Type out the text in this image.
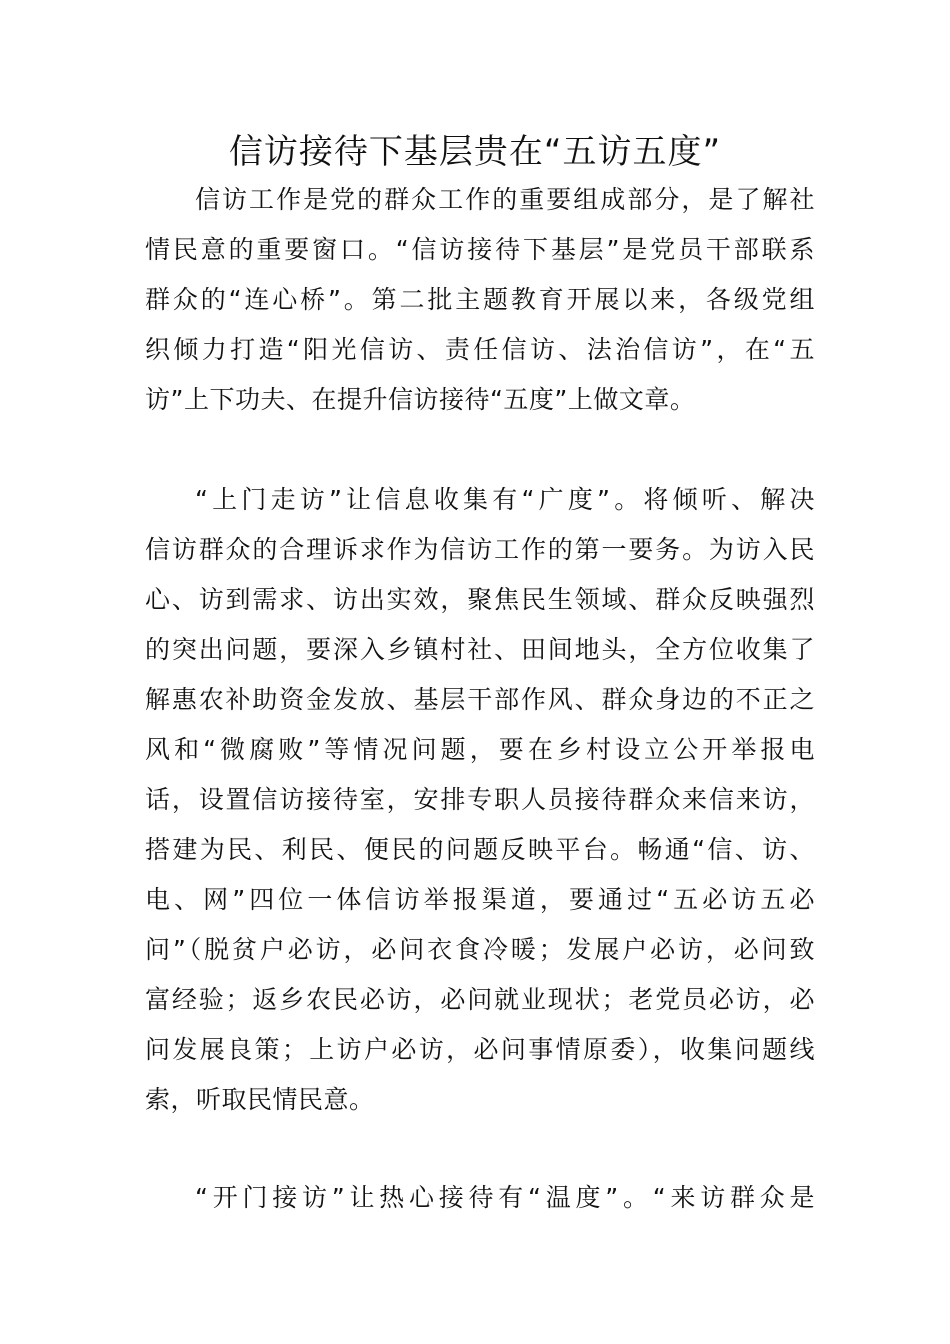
信访接待下基层贵在“五访五度”
信访工作是党的群众工作的重要组成部分，是了解社
情民意的重要窗口。“信访接待下基层”是党员干部联系
群众的“连心桥”。第二批主题教育开展以来，各级党组
织倾力打造“阳光信访、责任信访、法治信访”，在“五
访”上下功夫、在提升信访接待“五度”上做文章。
“上门走访”让信息收集有“广度”。将倾听、解决
信访群众的合理诉求作为信访工作的第一要务。为访入民
心、访到需求、访出实效，聚焦民生领域、群众反映强烈
的突出问题，要深入乡镇村社、田间地头，全方位收集了
解惠农补助资金发放、基层干部作风、群众身边的不正之
风和“微腐败”等情况问题，要在乡村设立公开举报电
话，设置信访接待室，安排专职人员接待群众来信来访，
搭建为民、利民、便民的问题反映平台。畅通“信、访、
电、网”四位一体信访举报渠道，要通过“五必访五必
问”（脱贫户必访，必问衣食冷暖；发展户必访，必问致
富经验；返乡农民必访，必问就业现状；老党员必访，必
问发展良策；上访户必访，必问事情原委），收集问题线
索，听取民情民意。
“开门接访”让热心接待有“温度”。“来访群众是
